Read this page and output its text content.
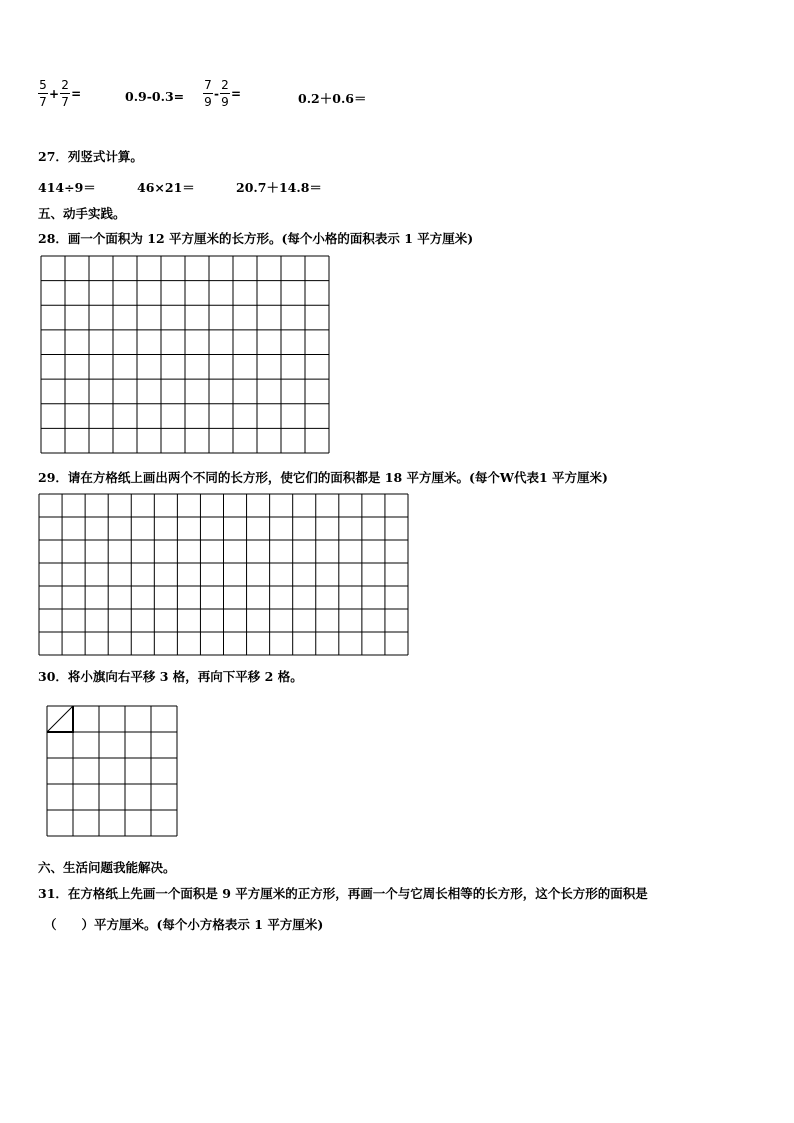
$\frac{5}{7} + \frac{2}{7}$ =	$0.9-0.3= \frac{7}{9} - \frac{2}{9}$ =	0.2＋0.6＝
27．列竖式计算。
414÷9＝	46×21＝	20.7＋14.8＝
五、动手实践。
28．画一个面积为 12 平方厘米的长方形。(每个小格的面积表示 1 平方厘米)
29．请在方格纸上画出两个不同的长方形，使它们的面积都是 18 平方厘米。(每个W代表1 平方厘米)
30．将小旗向右平移 3 格，再向下平移 2 格。
六、生活问题我能解决。
31．在方格纸上先画一个面积是 9 平方厘米的正方形，再画一个与它周长相等的长方形，这个长方形的面积是
（　　）平方厘米。(每个小方格表示 1 平方厘米)
